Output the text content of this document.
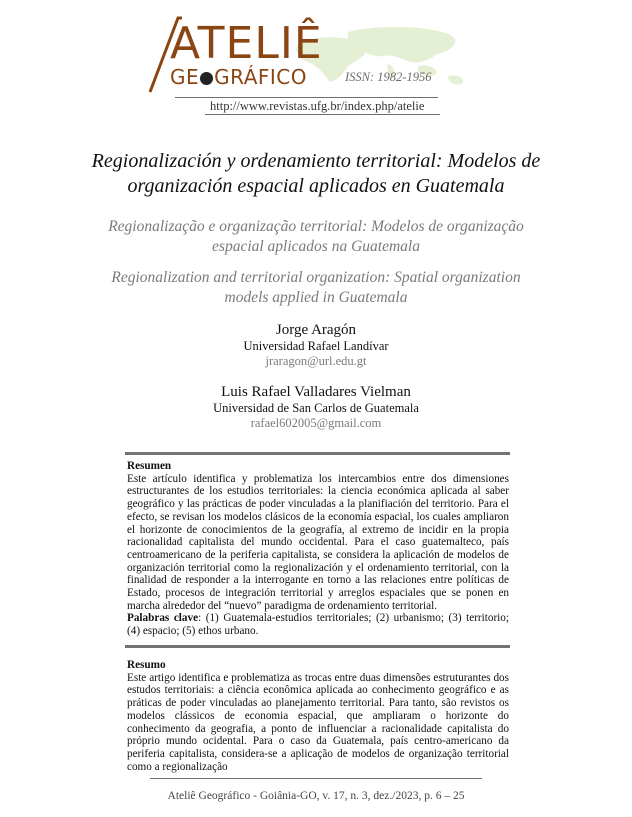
ATELIÊ
GE GRÁFICO	ISSN: 1982-1956
http://www.revistas.ufg.br/index.php/atelie
Regionalización y ordenamiento territorial: Modelos de organización espacial aplicados en Guatemala
Regionalização e organização territorial: Modelos de organização espacial aplicados na Guatemala
Regionalization and territorial organization: Spatial organization models applied in Guatemala
Jorge Aragón
Universidad Rafael Landívar
jraragon@url.edu.gt
Luis Rafael Valladares Vielman
Universidad de San Carlos de Guatemala
rafael602005@gmail.com
Resumen
Este artículo identifica y problematiza los intercambios entre dos dimensiones estructurantes de los estudios territoriales: la ciencia económica aplicada al saber geográfico y las prácticas de poder vinculadas a la planifiación del territorio. Para el efecto, se revisan los modelos clásicos de la economía espacial, los cuales ampliaron el horizonte de conocimientos de la geografía, al extremo de incidir en la propia racionalidad capitalista del mundo occidental. Para el caso guatemalteco, país centroamericano de la periferia capitalista, se considera la aplicación de modelos de organización territorial como la regionalización y el ordenamiento territorial, con la finalidad de responder a la interrogante en torno a las relaciones entre políticas de Estado, procesos de integración territorial y arreglos espaciales que se ponen en marcha alrededor del “nuevo” paradigma de ordenamiento territorial.
Palabras clave: (1) Guatemala-estudios territoriales; (2) urbanismo; (3) territorio; (4) espacio; (5) ethos urbano.
Resumo
Este artigo identifica e problematiza as trocas entre duas dimensões estruturantes dos estudos territoriais: a ciência econômica aplicada ao conhecimento geográfico e as práticas de poder vinculadas ao planejamento territorial. Para tanto, são revistos os modelos clássicos de economia espacial, que ampliaram o horizonte do conhecimento da geografia, a ponto de influenciar a racionalidade capitalista do próprio mundo ocidental. Para o caso da Guatemala, país centro-americano da periferia capitalista, considera-se a aplicação de modelos de organização territorial como a regionalização
Ateliê Geográfico - Goiânia-GO, v. 17, n. 3, dez./2023, p. 6 – 25
